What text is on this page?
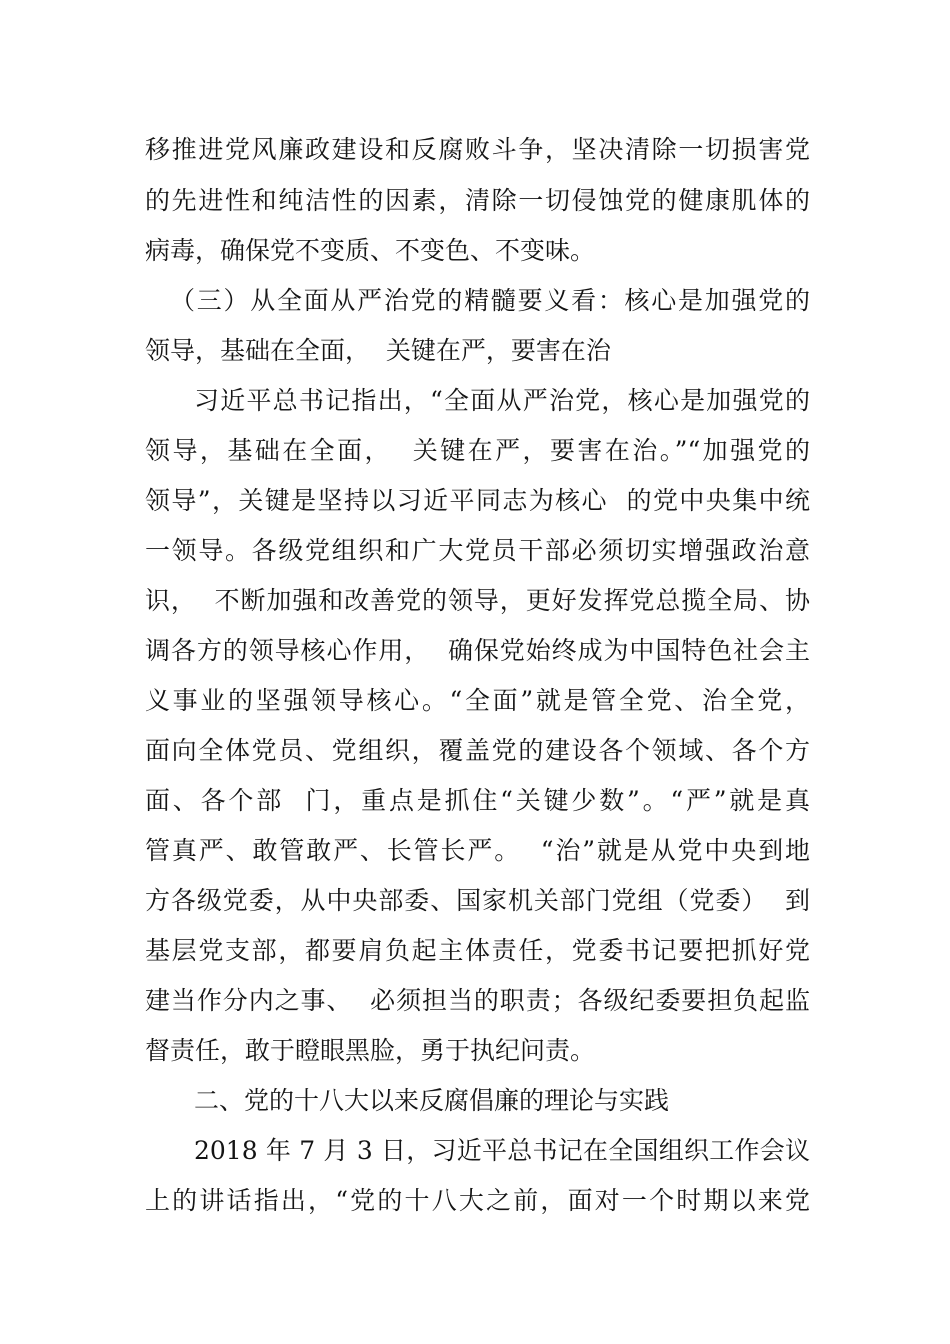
移推进党风廉政建设和反腐败斗争，坚决清除一切损害党
的先进性和纯洁性的因素，清除一切侵蚀党的健康肌体的
病毒，确保党不变质、不变色、不变味。
（三）从全面从严治党的精髓要义看：核心是加强党的
领导，基础在全面，  关键在严，要害在治
习近平总书记指出，“全面从严治党，核心是加强党的
领导，基础在全面，  关键在严，要害在治。”“加强党的
领导”，关键是坚持以习近平同志为核心  的党中央集中统
一领导。各级党组织和广大党员干部必须切实增强政治意
识，  不断加强和改善党的领导，更好发挥党总揽全局、协
调各方的领导核心作用，  确保党始终成为中国特色社会主
义事业的坚强领导核心。“全面”就是管全党、治全党，
面向全体党员、党组织，覆盖党的建设各个领域、各个方
面、各个部  门，重点是抓住“关键少数”。“严”就是真
管真严、敢管敢严、长管长严。  “治”就是从党中央到地
方各级党委，从中央部委、国家机关部门党组（党委）  到
基层党支部，都要肩负起主体责任，党委书记要把抓好党
建当作分内之事、  必须担当的职责；各级纪委要担负起监
督责任，敢于瞪眼黑脸，勇于执纪问责。
二、党的十八大以来反腐倡廉的理论与实践
2018 年 7 月 3 日，习近平总书记在全国组织工作会议
上的讲话指出，“党的十八大之前，面对一个时期以来党
